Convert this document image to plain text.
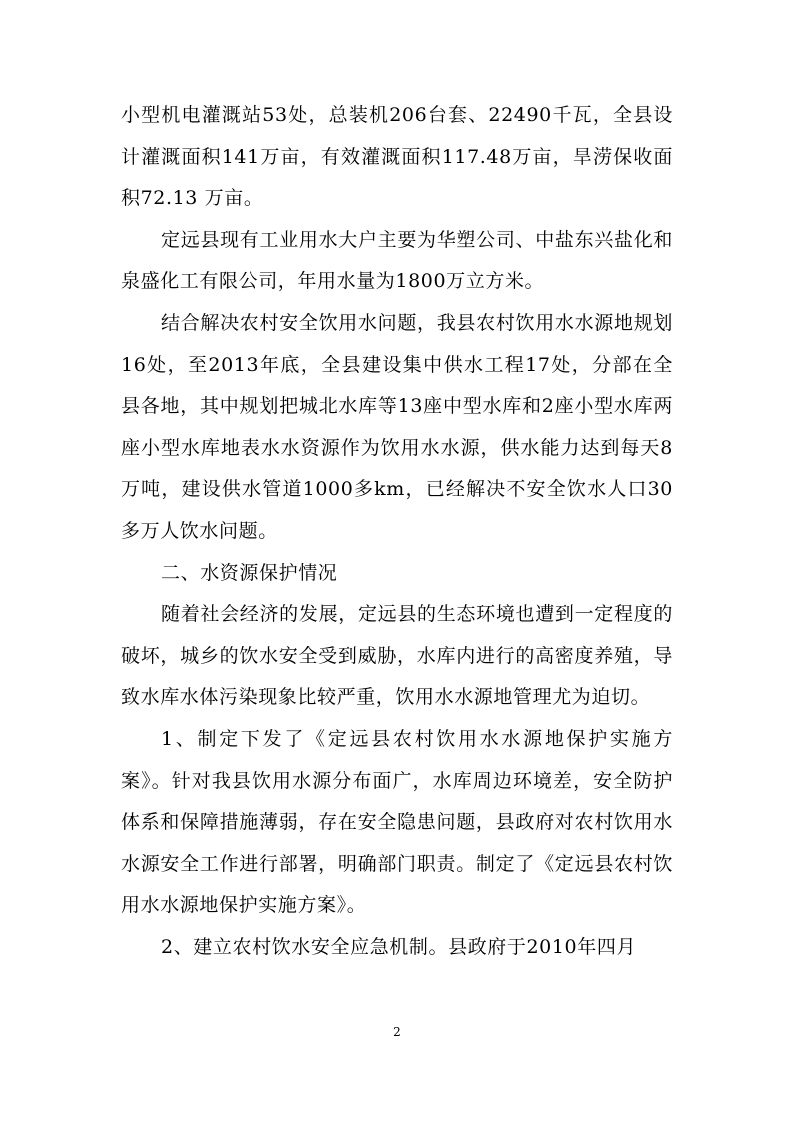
小型机电灌溉站53处，总装机206台套、22490千瓦，全县设计灌溉面积141万亩，有效灌溉面积117.48万亩，旱涝保收面积72.13 万亩。

定远县现有工业用水大户主要为华塑公司、中盐东兴盐化和泉盛化工有限公司，年用水量为1800万立方米。

结合解决农村安全饮用水问题，我县农村饮用水水源地规划16处，至2013年底，全县建设集中供水工程17处，分部在全县各地，其中规划把城北水库等13座中型水库和2座小型水库两座小型水库地表水水资源作为饮用水水源，供水能力达到每天8万吨，建设供水管道1000多km，已经解决不安全饮水人口30多万人饮水问题。

二、水资源保护情况

随着社会经济的发展，定远县的生态环境也遭到一定程度的破坏，城乡的饮水安全受到威胁，水库内进行的高密度养殖，导致水库水体污染现象比较严重，饮用水水源地管理尤为迫切。

1、制定下发了《定远县农村饮用水水源地保护实施方案》。针对我县饮用水源分布面广，水库周边环境差，安全防护体系和保障措施薄弱，存在安全隐患问题，县政府对农村饮用水水源安全工作进行部署，明确部门职责。制定了《定远县农村饮用水水源地保护实施方案》。

2、建立农村饮水安全应急机制。县政府于2010年四月

2
